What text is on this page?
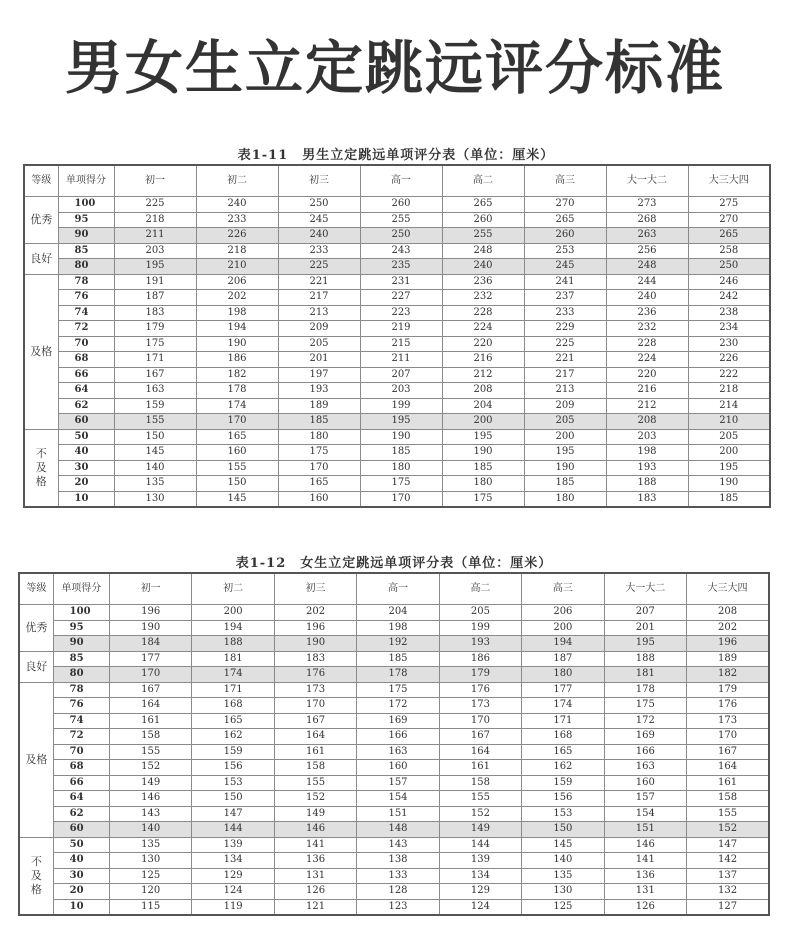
男女生立定跳远评分标准
表1-11　男生立定跳远单项评分表（单位：厘米）
等级	单项得分	初一	初二	初三	高一	高二	高三	大一大二	大三大四
优秀	100	225	240	250	260	265	270	273	275
	95	218	233	245	255	260	265	268	270
	90	211	226	240	250	255	260	263	265
良好	85	203	218	233	243	248	253	256	258
	80	195	210	225	235	240	245	248	250
及格	78	191	206	221	231	236	241	244	246
	76	187	202	217	227	232	237	240	242
	74	183	198	213	223	228	233	236	238
	72	179	194	209	219	224	229	232	234
	70	175	190	205	215	220	225	228	230
	68	171	186	201	211	216	221	224	226
	66	167	182	197	207	212	217	220	222
	64	163	178	193	203	208	213	216	218
	62	159	174	189	199	204	209	212	214
	60	155	170	185	195	200	205	208	210
不及格	50	150	165	180	190	195	200	203	205
	40	145	160	175	185	190	195	198	200
	30	140	155	170	180	185	190	193	195
	20	135	150	165	175	180	185	188	190
	10	130	145	160	170	175	180	183	185
表1-12　女生立定跳远单项评分表（单位：厘米）
等级	单项得分	初一	初二	初三	高一	高二	高三	大一大二	大三大四
优秀	100	196	200	202	204	205	206	207	208
	95	190	194	196	198	199	200	201	202
	90	184	188	190	192	193	194	195	196
良好	85	177	181	183	185	186	187	188	189
	80	170	174	176	178	179	180	181	182
及格	78	167	171	173	175	176	177	178	179
	76	164	168	170	172	173	174	175	176
	74	161	165	167	169	170	171	172	173
	72	158	162	164	166	167	168	169	170
	70	155	159	161	163	164	165	166	167
	68	152	156	158	160	161	162	163	164
	66	149	153	155	157	158	159	160	161
	64	146	150	152	154	155	156	157	158
	62	143	147	149	151	152	153	154	155
	60	140	144	146	148	149	150	151	152
不及格	50	135	139	141	143	144	145	146	147
	40	130	134	136	138	139	140	141	142
	30	125	129	131	133	134	135	136	137
	20	120	124	126	128	129	130	131	132
	10	115	119	121	123	124	125	126	127
